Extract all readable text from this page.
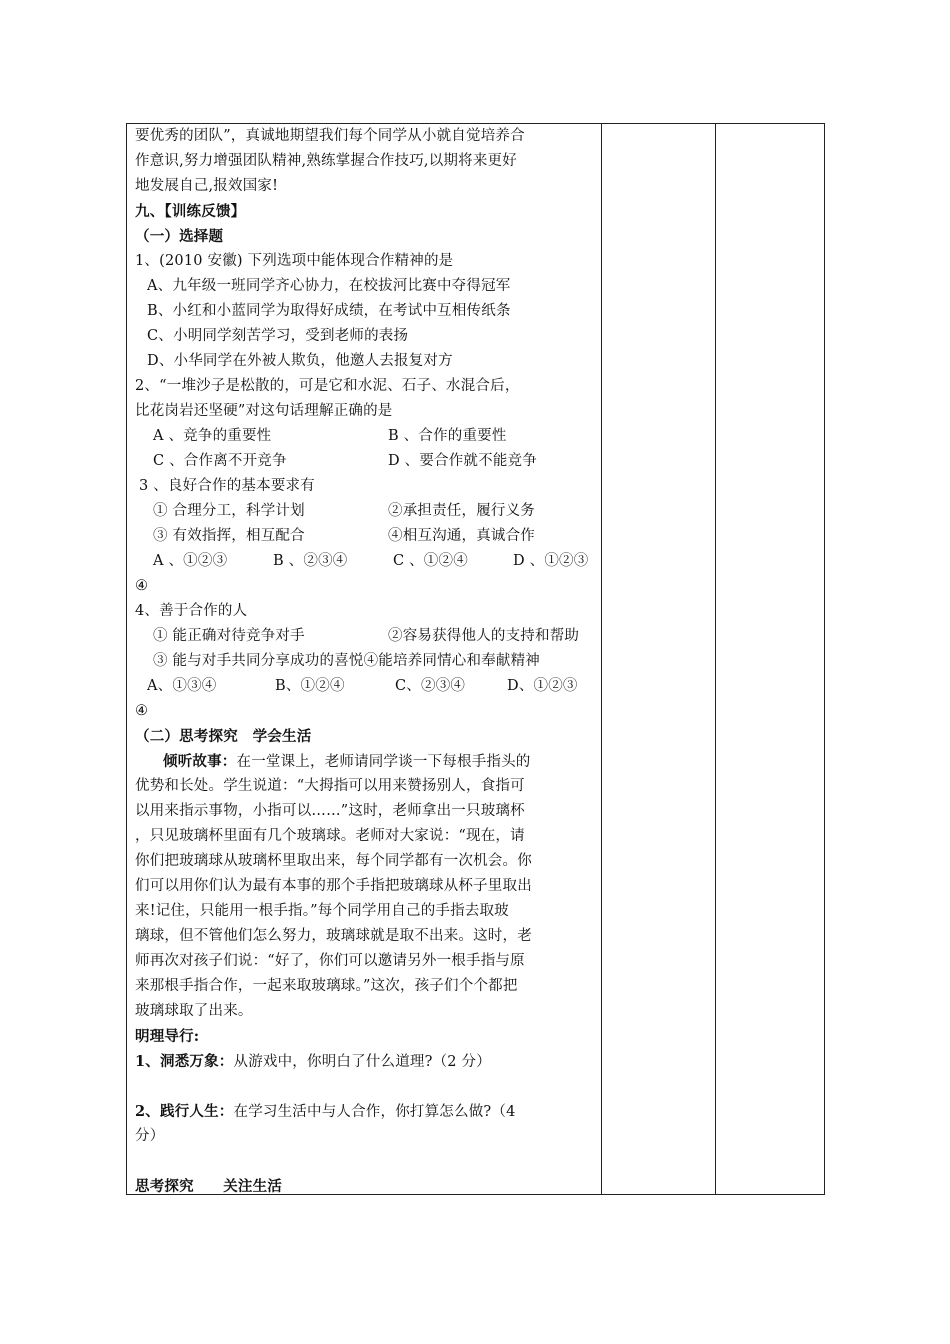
要优秀的团队”，真诚地期望我们每个同学从小就自觉培养合
作意识,努力增强团队精神,熟练掌握合作技巧,以期将来更好
地发展自己,报效国家!
九、【训练反馈】
（一）选择题
1、(2010 安徽) 下列选项中能体现合作精神的是
A、九年级一班同学齐心协力，在校拔河比赛中夺得冠军
B、小红和小蓝同学为取得好成绩，在考试中互相传纸条
C、小明同学刻苦学习，受到老师的表扬
D、小华同学在外被人欺负，他邀人去报复对方
2、“一堆沙子是松散的，可是它和水泥、石子、水混合后，
比花岗岩还坚硬”对这句话理解正确的是
A 、竞争的重要性	B 、合作的重要性
C 、合作离不开竞争	D 、要合作就不能竞争
3 、良好合作的基本要求有
① 合理分工，科学计划	②承担责任，履行义务
③ 有效指挥，相互配合	④相互沟通，真诚合作
A 、①②③	B 、②③④	C 、①②④	D 、①②③
④
4、善于合作的人
① 能正确对待竞争对手	②容易获得他人的支持和帮助
③ 能与对手共同分享成功的喜悦④能培养同情心和奉献精神
A、①③④	B、①②④	C、②③④	D、①②③
④
（二）思考探究　学会生活
倾听故事：在一堂课上，老师请同学谈一下每根手指头的
优势和长处。学生说道：“大拇指可以用来赞扬别人，食指可
以用来指示事物，小指可以……”这时，老师拿出一只玻璃杯
，只见玻璃杯里面有几个玻璃球。老师对大家说：“现在，请
你们把玻璃球从玻璃杯里取出来，每个同学都有一次机会。你
们可以用你们认为最有本事的那个手指把玻璃球从杯子里取出
来!记住，只能用一根手指。”每个同学用自己的手指去取玻
璃球，但不管他们怎么努力，玻璃球就是取不出来。这时，老
师再次对孩子们说：“好了，你们可以邀请另外一根手指与原
来那根手指合作，一起来取玻璃球。”这次，孩子们个个都把
玻璃球取了出来。
明理导行:
1、洞悉万象：从游戏中，你明白了什么道理?（2 分）
2、践行人生：在学习生活中与人合作，你打算怎么做?（4
分）
思考探究　　关注生活
